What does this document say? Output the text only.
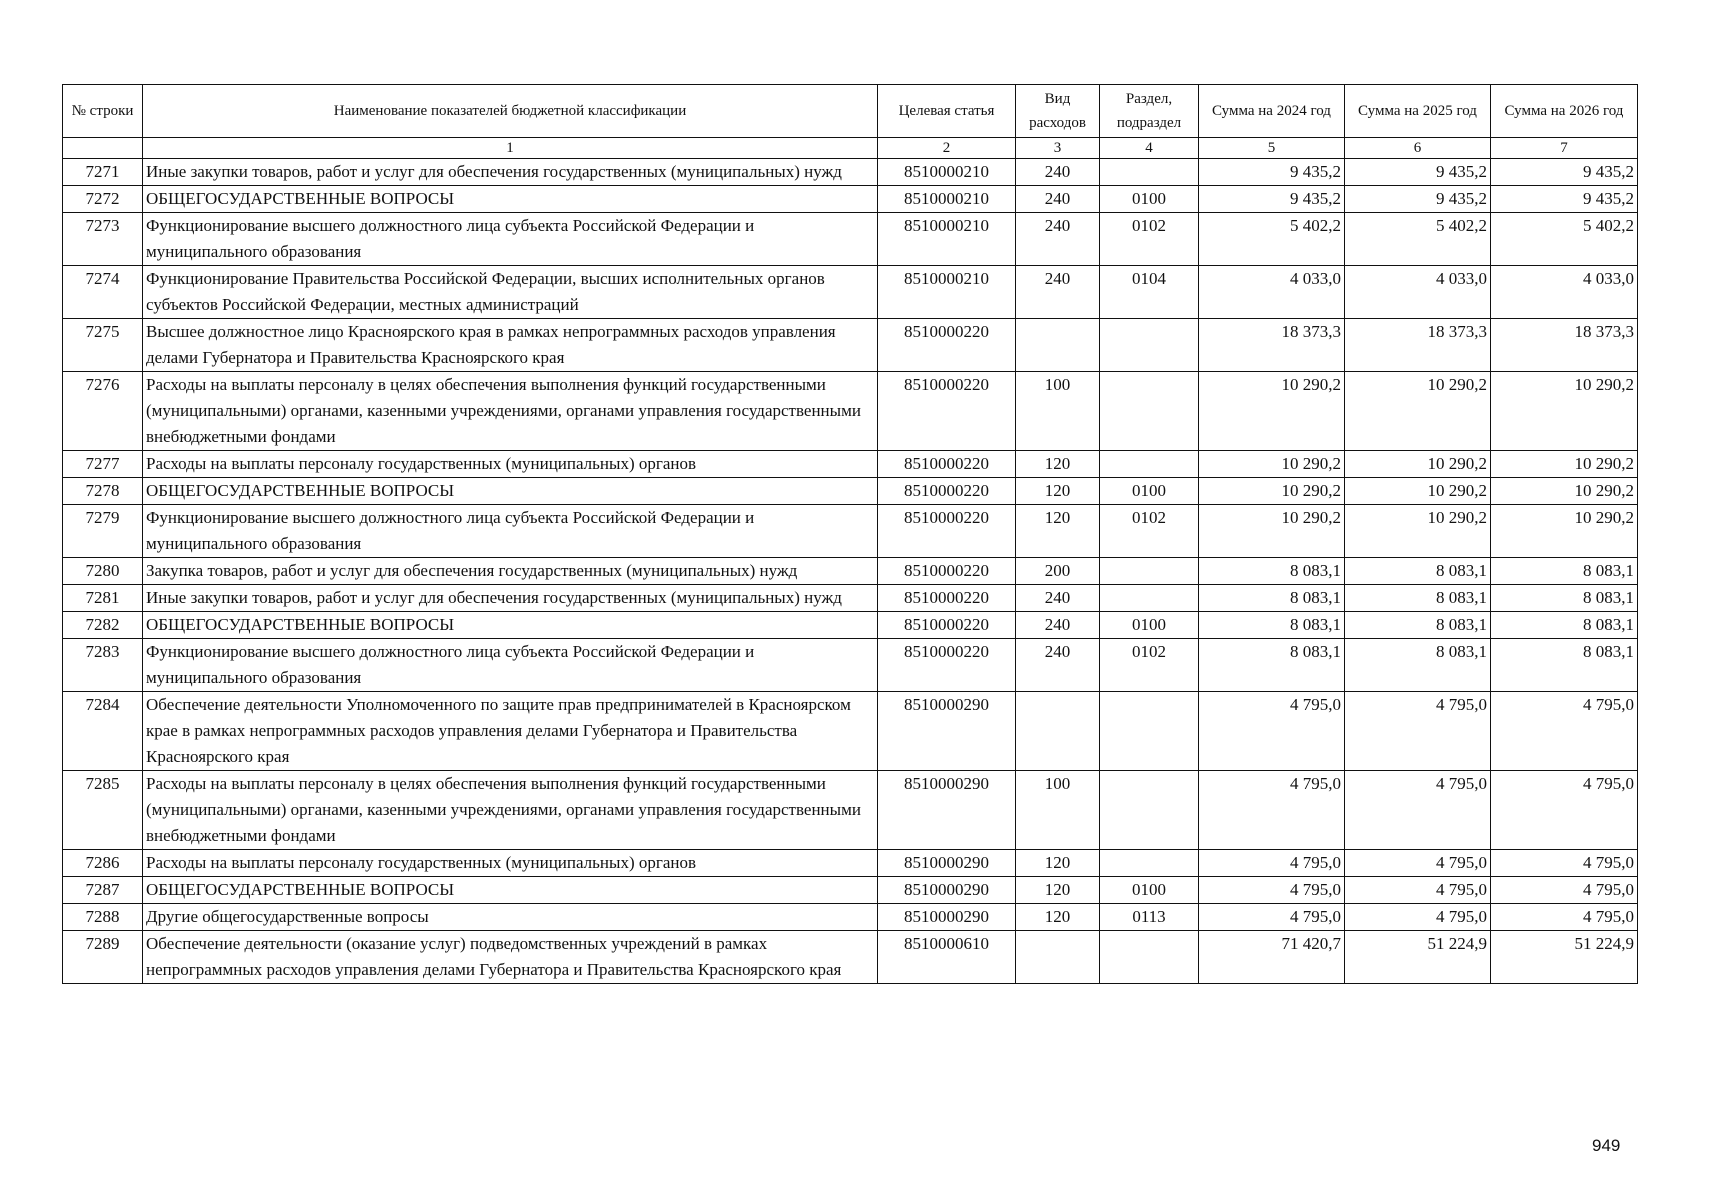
№ строки	Наименование показателей бюджетной классификации	Целевая статья	Вид расходов	Раздел, подраздел	Сумма на 2024 год	Сумма на 2025 год	Сумма на 2026 год
	1	2	3	4	5	6	7
7271	Иные закупки товаров, работ и услуг для обеспечения государственных (муниципальных) нужд	8510000210	240		9 435,2	9 435,2	9 435,2
7272	ОБЩЕГОСУДАРСТВЕННЫЕ ВОПРОСЫ	8510000210	240	0100	9 435,2	9 435,2	9 435,2
7273	Функционирование высшего должностного лица субъекта Российской Федерации и муниципального образования	8510000210	240	0102	5 402,2	5 402,2	5 402,2
7274	Функционирование Правительства Российской Федерации, высших исполнительных органов субъектов Российской Федерации, местных администраций	8510000210	240	0104	4 033,0	4 033,0	4 033,0
7275	Высшее должностное лицо Красноярского края в рамках непрограммных расходов управления делами Губернатора и Правительства Красноярского края	8510000220			18 373,3	18 373,3	18 373,3
7276	Расходы на выплаты персоналу в целях обеспечения выполнения функций государственными (муниципальными) органами, казенными учреждениями, органами управления государственными внебюджетными фондами	8510000220	100		10 290,2	10 290,2	10 290,2
7277	Расходы на выплаты персоналу государственных (муниципальных) органов	8510000220	120		10 290,2	10 290,2	10 290,2
7278	ОБЩЕГОСУДАРСТВЕННЫЕ ВОПРОСЫ	8510000220	120	0100	10 290,2	10 290,2	10 290,2
7279	Функционирование высшего должностного лица субъекта Российской Федерации и муниципального образования	8510000220	120	0102	10 290,2	10 290,2	10 290,2
7280	Закупка товаров, работ и услуг для обеспечения государственных (муниципальных) нужд	8510000220	200		8 083,1	8 083,1	8 083,1
7281	Иные закупки товаров, работ и услуг для обеспечения государственных (муниципальных) нужд	8510000220	240		8 083,1	8 083,1	8 083,1
7282	ОБЩЕГОСУДАРСТВЕННЫЕ ВОПРОСЫ	8510000220	240	0100	8 083,1	8 083,1	8 083,1
7283	Функционирование высшего должностного лица субъекта Российской Федерации и муниципального образования	8510000220	240	0102	8 083,1	8 083,1	8 083,1
7284	Обеспечение деятельности Уполномоченного по защите прав предпринимателей в Красноярском крае в рамках непрограммных расходов управления делами Губернатора и Правительства Красноярского края	8510000290			4 795,0	4 795,0	4 795,0
7285	Расходы на выплаты персоналу в целях обеспечения выполнения функций государственными (муниципальными) органами, казенными учреждениями, органами управления государственными внебюджетными фондами	8510000290	100		4 795,0	4 795,0	4 795,0
7286	Расходы на выплаты персоналу государственных (муниципальных) органов	8510000290	120		4 795,0	4 795,0	4 795,0
7287	ОБЩЕГОСУДАРСТВЕННЫЕ ВОПРОСЫ	8510000290	120	0100	4 795,0	4 795,0	4 795,0
7288	Другие общегосударственные вопросы	8510000290	120	0113	4 795,0	4 795,0	4 795,0
7289	Обеспечение деятельности (оказание услуг) подведомственных учреждений в рамках непрограммных расходов управления делами Губернатора и Правительства Красноярского края	8510000610			71 420,7	51 224,9	51 224,9
949
